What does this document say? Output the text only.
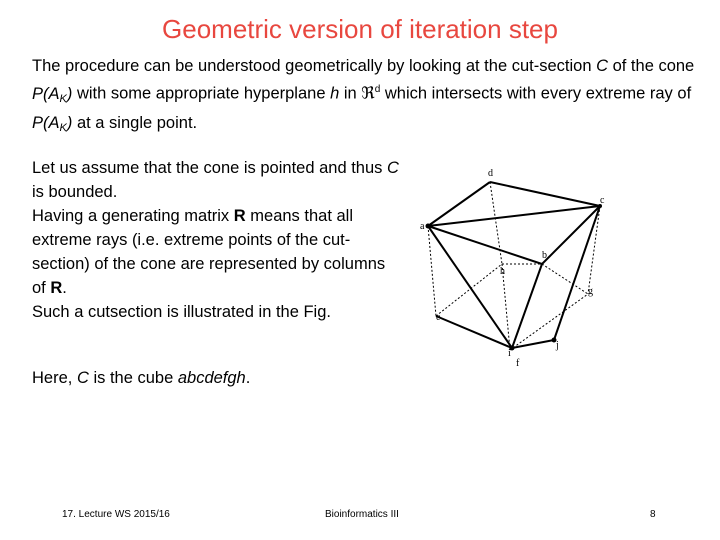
Geometric version of iteration step
The procedure can be understood geometrically by looking at the cut-section C of the cone $P(A_K)$ with some appropriate hyperplane h in ℜ$^d$ which intersects with every extreme ray of $P(A_K)$ at a single point.
Let us assume that the cone is pointed and thus C is bounded.
Having a generating matrix R means that all extreme rays (i.e. extreme points of the cut-section) of the cone are represented by columns of R.
Such a cutsection is illustrated in the Fig.
Here, C is the cube abcdefgh.
d
c
a
b
h
g
e
j
i
f
17. Lecture WS 2015/16	Bioinformatics III	8
